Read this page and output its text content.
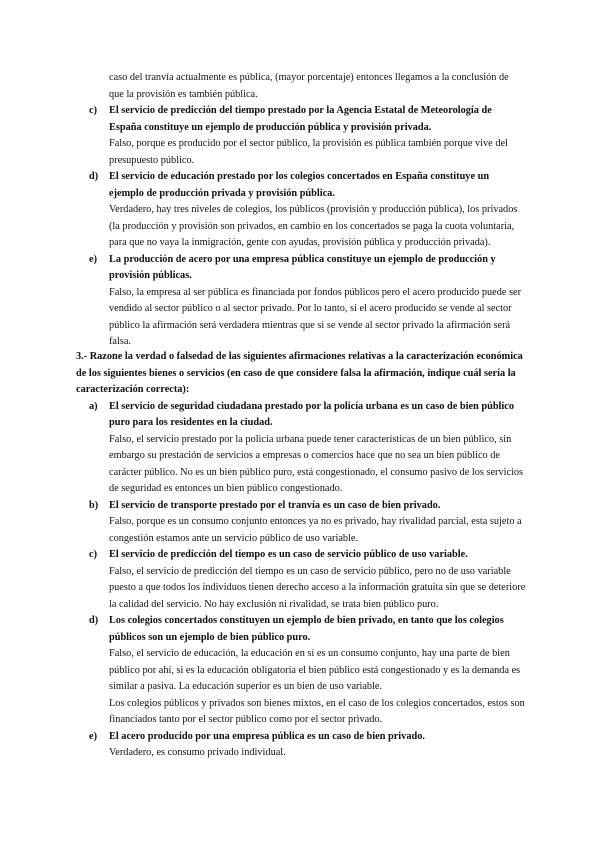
caso del tranvía actualmente es pública, (mayor porcentaje) entonces llegamos a la conclusión de que la provisión es también pública.

c) El servicio de predicción del tiempo prestado por la Agencia Estatal de Meteorología de España constituye un ejemplo de producción pública y provisión privada.

Falso, porque es producido por el sector público, la provisión es pública también porque vive del presupuesto público.

d) El servicio de educación prestado por los colegios concertados en España constituye un ejemplo de producción privada y provisión pública.

Verdadero, hay tres niveles de colegios, los públicos (provisión y producción pública), los privados (la producción y provisión son privados, en cambio en los concertados se paga la cuota voluntaria, para que no vaya la inmigración, gente con ayudas, provisión pública y producción privada).

e) La producción de acero por una empresa pública constituye un ejemplo de producción y provisión públicas.

Falso, la empresa al ser pública es financiada por fondos públicos pero el acero producido puede ser vendido al sector público o al sector privado. Por lo tanto, si el acero producido se vende al sector público la afirmación será verdadera mientras que si se vende al sector privado la afirmación será falsa.

3.- Razone la verdad o falsedad de las siguientes afirmaciones relativas a la caracterización económica de los siguientes bienes o servicios (en caso de que considere falsa la afirmación, indique cuál sería la caracterización correcta):

a) El servicio de seguridad ciudadana prestado por la policía urbana es un caso de bien público puro para los residentes en la ciudad.

Falso, el servicio prestado por la policía urbana puede tener características de un bien público, sin embargo su prestación de servicios a empresas o comercios hace que no sea un bien público de carácter público. No es un bien público puro, está congestionado, el consumo pasivo de los servicios de seguridad es entonces un bien público congestionado.

b) El servicio de transporte prestado por el tranvía es un caso de bien privado.

Falso, porque es un consumo conjunto entonces ya no es privado, hay rivalidad parcial, esta sujeto a congestión estamos ante un servicio público de uso variable.

c) El servicio de predicción del tiempo es un caso de servicio público de uso variable.

Falso, el servicio de predicción del tiempo es un caso de servicio público, pero no de uso variable puesto a que todos los individuos tienen derecho acceso a la información gratuita sin que se deteriore la calidad del servicio. No hay exclusión ni rivalidad, se trata bien público puro.

d) Los colegios concertados constituyen un ejemplo de bien privado, en tanto que los colegios públicos son un ejemplo de bien público puro.

Falso, el servicio de educación, la educación en sí es un consumo conjunto, hay una parte de bien público por ahí, si es la educación obligatoria el bien público está congestionado y es la demanda es similar a pasiva. La educación superior es un bien de uso variable.

Los colegios públicos y privados son bienes mixtos, en el caso de los colegios concertados, estos son financiados tanto por el sector público como por el sector privado.

e) El acero producido por una empresa pública es un caso de bien privado.

Verdadero, es consumo privado individual.
